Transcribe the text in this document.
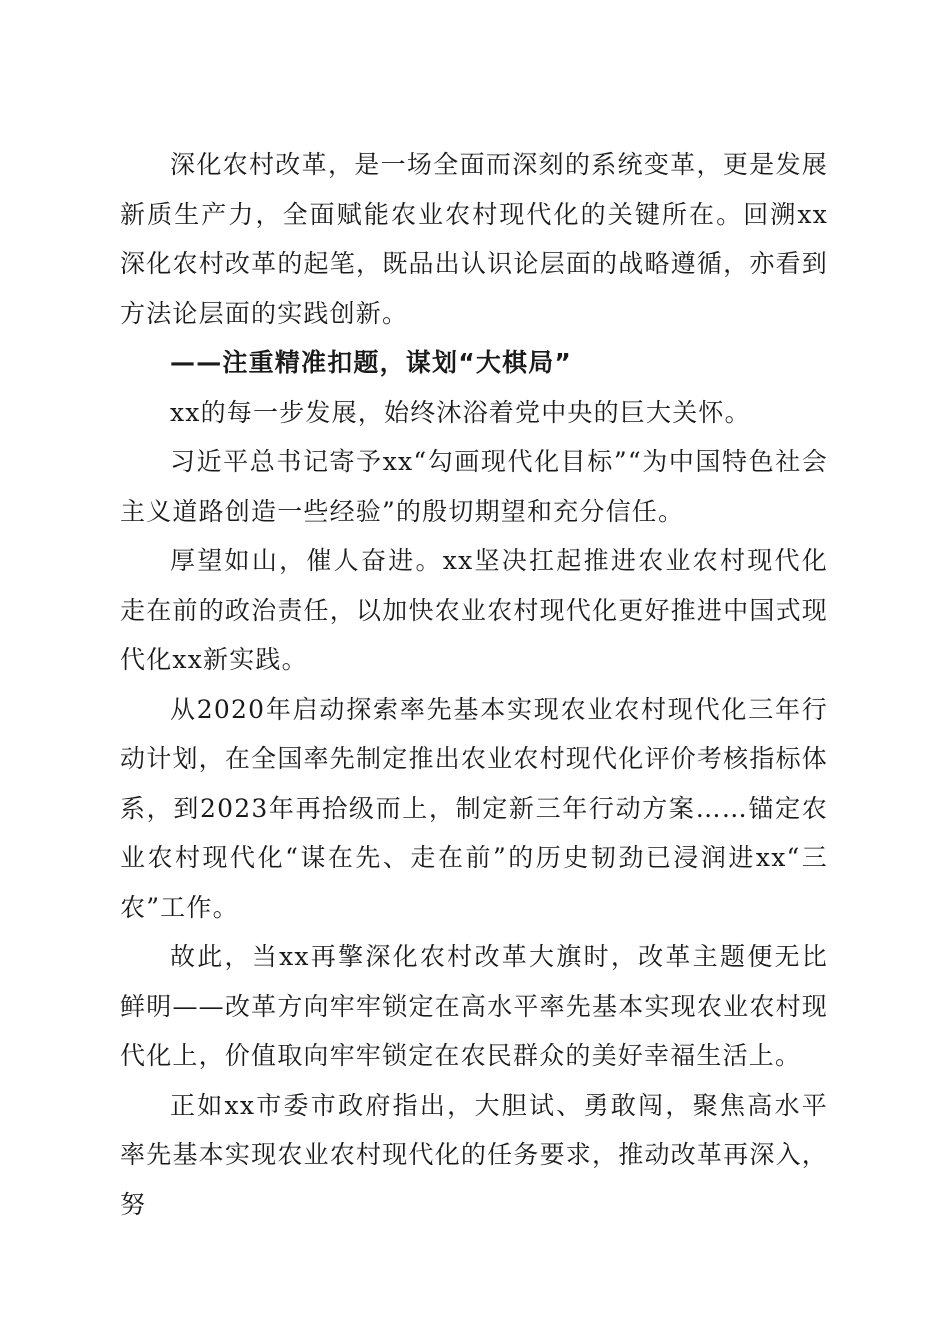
深化农村改革，是一场全面而深刻的系统变革，更是发展新质生产力，全面赋能农业农村现代化的关键所在。回溯xx深化农村改革的起笔，既品出认识论层面的战略遵循，亦看到方法论层面的实践创新。

——注重精准扣题，谋划“大棋局”

xx的每一步发展，始终沐浴着党中央的巨大关怀。

习近平总书记寄予xx“勾画现代化目标”“为中国特色社会主义道路创造一些经验”的殷切期望和充分信任。

厚望如山，催人奋进。xx坚决扛起推进农业农村现代化走在前的政治责任，以加快农业农村现代化更好推进中国式现代化xx新实践。

从2020年启动探索率先基本实现农业农村现代化三年行动计划，在全国率先制定推出农业农村现代化评价考核指标体系，到2023年再拾级而上，制定新三年行动方案……锚定农业农村现代化“谋在先、走在前”的历史韧劲已浸润进xx“三农”工作。

故此，当xx再擎深化农村改革大旗时，改革主题便无比鲜明——改革方向牢牢锁定在高水平率先基本实现农业农村现代化上，价值取向牢牢锁定在农民群众的美好幸福生活上。

正如xx市委市政府指出，大胆试、勇敢闯，聚焦高水平率先基本实现农业农村现代化的任务要求，推动改革再深入，努
